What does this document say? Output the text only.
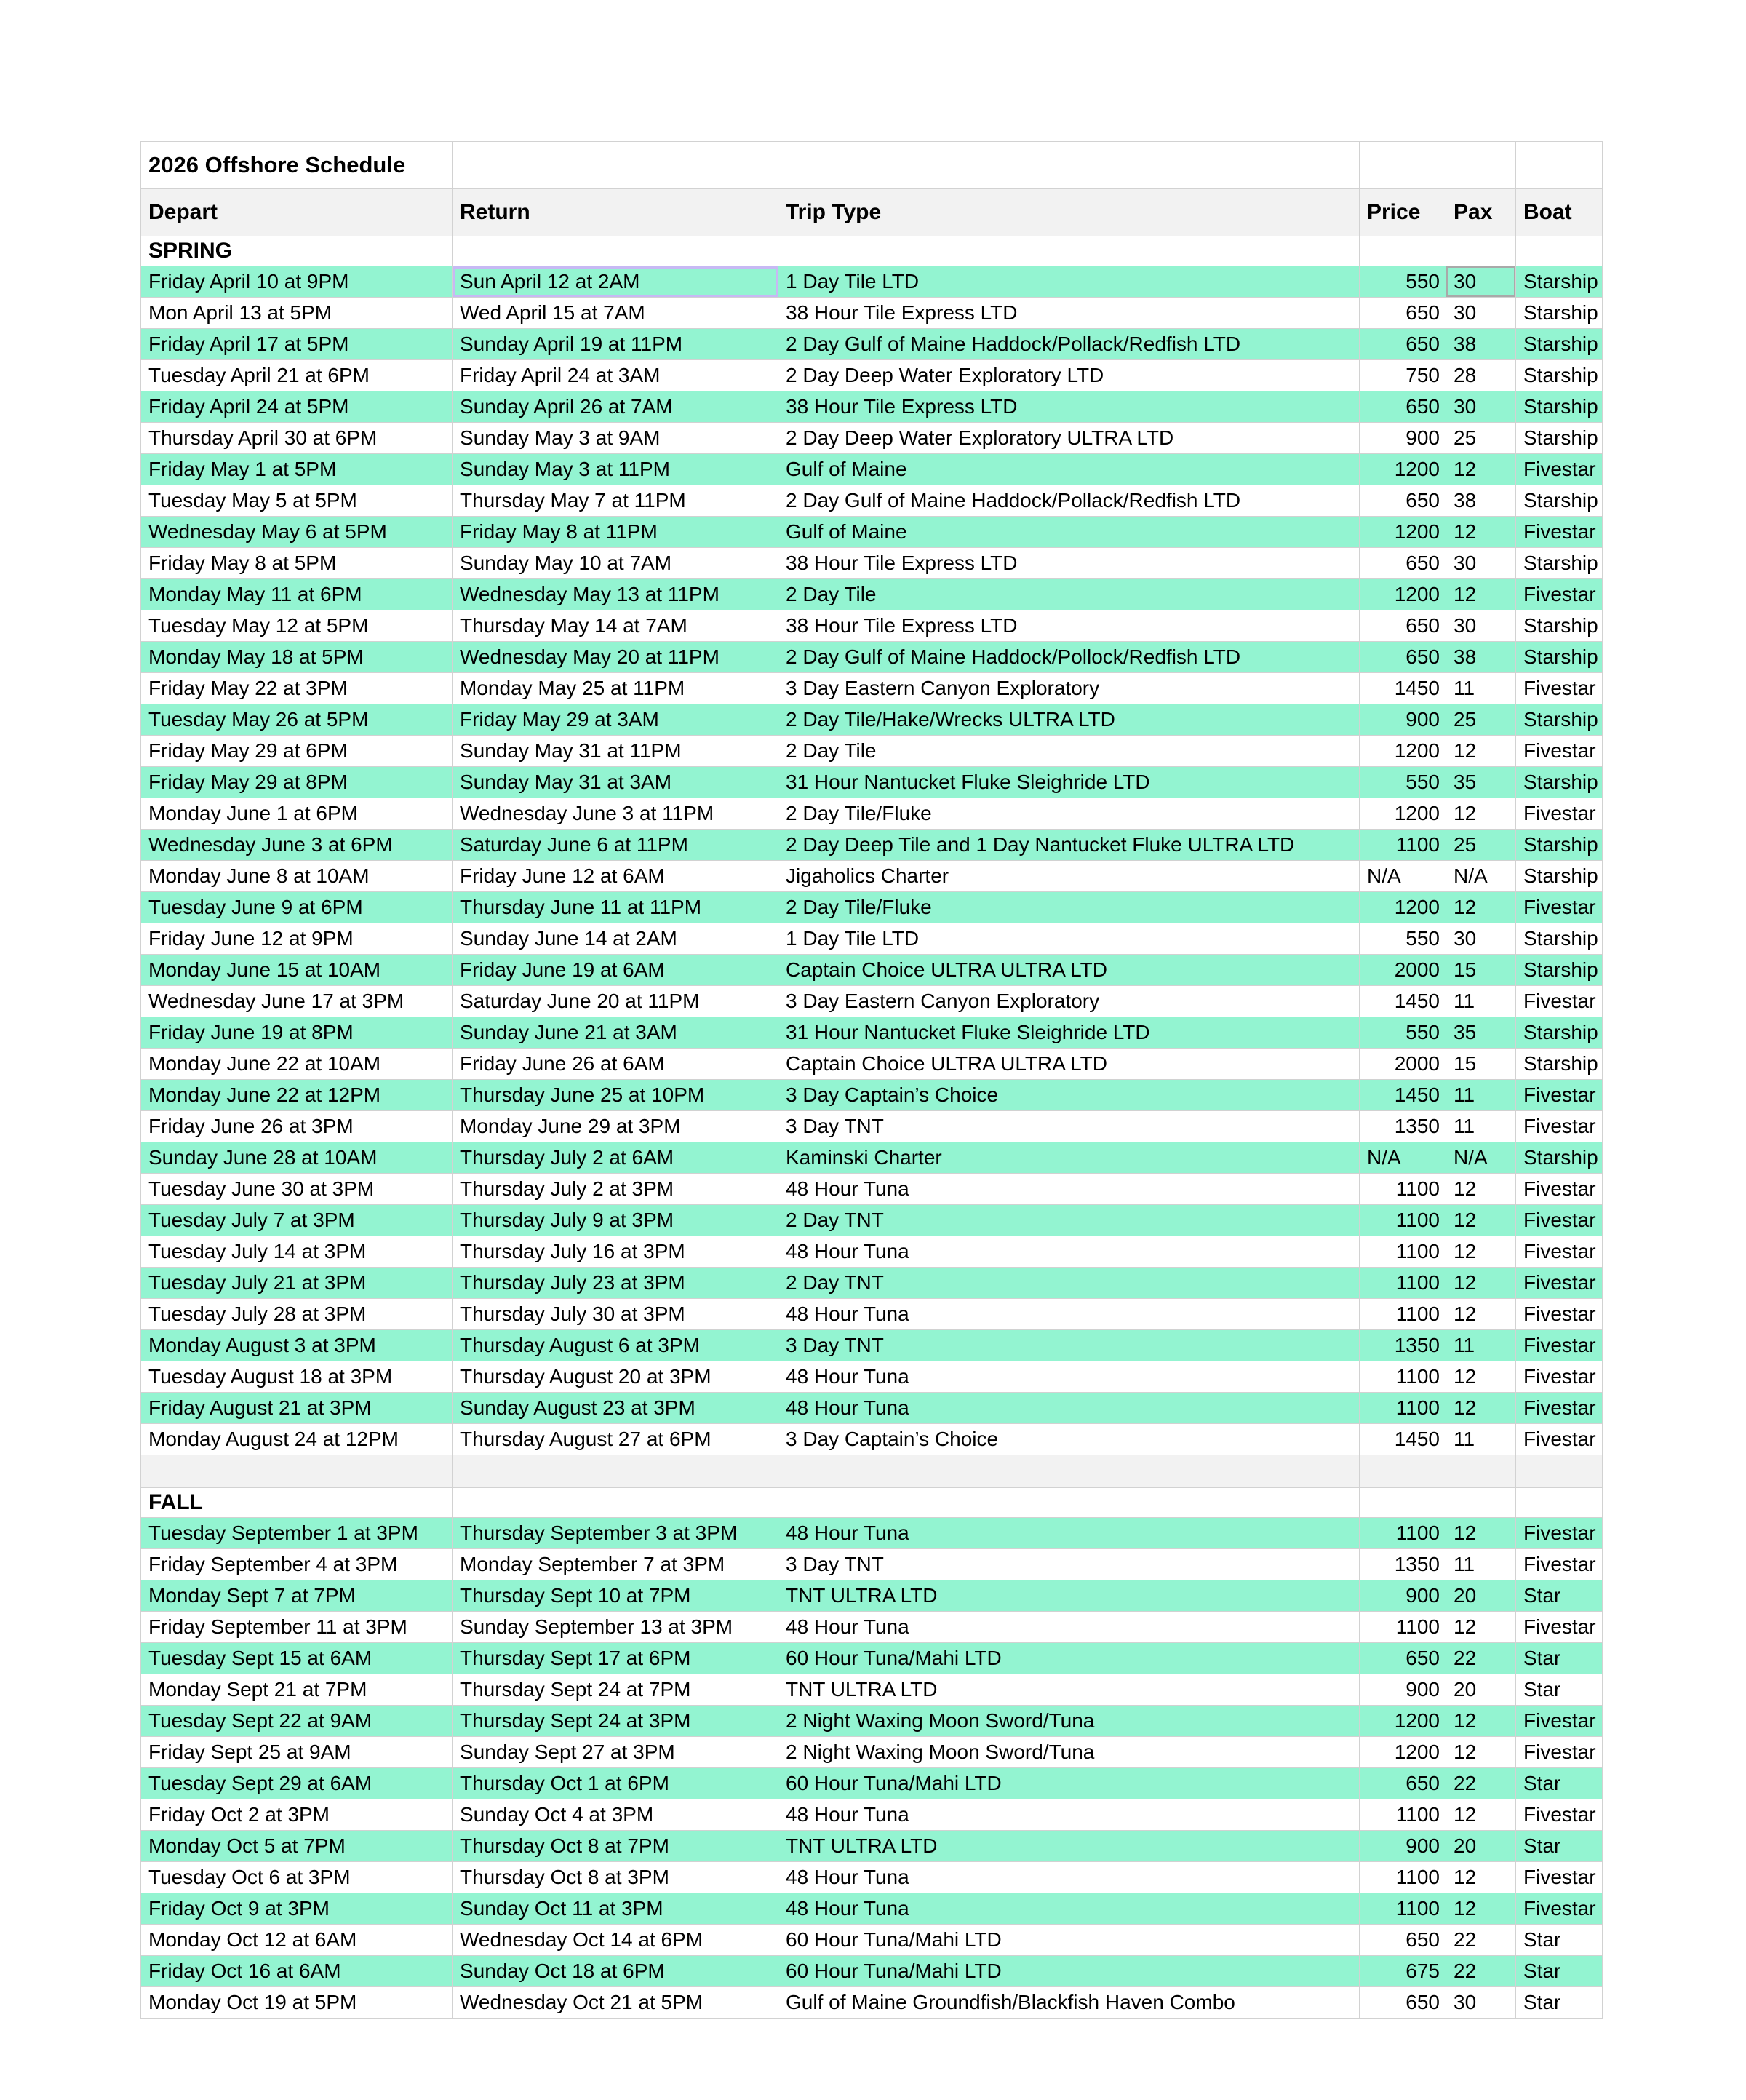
2026 Offshore Schedule					
Depart	Return	Trip Type	Price	Pax	Boat
SPRING					
Friday April 10 at 9PM	Sun April 12 at 2AM	1 Day Tile LTD	550	30	Starship
Mon April 13 at 5PM	Wed April 15 at 7AM	38 Hour Tile Express LTD	650	30	Starship
Friday April 17 at 5PM	Sunday April 19 at 11PM	2 Day Gulf of Maine Haddock/Pollack/Redfish LTD	650	38	Starship
Tuesday April 21 at 6PM	Friday April 24 at 3AM	2 Day Deep Water Exploratory LTD	750	28	Starship
Friday April 24 at 5PM	Sunday April 26 at 7AM	38 Hour Tile Express LTD	650	30	Starship
Thursday April 30 at 6PM	Sunday May 3 at 9AM	2 Day Deep Water Exploratory ULTRA LTD	900	25	Starship
Friday May 1 at 5PM	Sunday May 3 at 11PM	Gulf of Maine	1200	12	Fivestar
Tuesday May 5 at 5PM	Thursday May 7 at 11PM	2 Day Gulf of Maine Haddock/Pollack/Redfish LTD	650	38	Starship
Wednesday May 6 at 5PM	Friday May 8 at 11PM	Gulf of Maine	1200	12	Fivestar
Friday May 8 at 5PM	Sunday May 10 at 7AM	38 Hour Tile Express LTD	650	30	Starship
Monday May 11 at 6PM	Wednesday May 13 at 11PM	2 Day Tile	1200	12	Fivestar
Tuesday May 12 at 5PM	Thursday May 14 at 7AM	38 Hour Tile Express LTD	650	30	Starship
Monday May 18 at 5PM	Wednesday May 20 at 11PM	2 Day Gulf of Maine Haddock/Pollock/Redfish LTD	650	38	Starship
Friday May 22 at 3PM	Monday May 25 at 11PM	3 Day Eastern Canyon Exploratory	1450	11	Fivestar
Tuesday May 26 at 5PM	Friday May 29 at 3AM	2 Day Tile/Hake/Wrecks ULTRA LTD	900	25	Starship
Friday May 29 at 6PM	Sunday May 31 at 11PM	2 Day Tile	1200	12	Fivestar
Friday May 29 at 8PM	Sunday May 31 at 3AM	31 Hour Nantucket Fluke Sleighride LTD	550	35	Starship
Monday June 1 at 6PM	Wednesday June 3 at 11PM	2 Day Tile/Fluke	1200	12	Fivestar
Wednesday June 3 at 6PM	Saturday June 6 at 11PM	2 Day Deep Tile and 1 Day Nantucket Fluke ULTRA LTD	1100	25	Starship
Monday June 8 at 10AM	Friday June 12 at 6AM	Jigaholics Charter	N/A	N/A	Starship
Tuesday June 9 at 6PM	Thursday June 11 at 11PM	2 Day Tile/Fluke	1200	12	Fivestar
Friday June 12 at 9PM	Sunday June 14 at 2AM	1 Day Tile LTD	550	30	Starship
Monday June 15 at 10AM	Friday June 19 at 6AM	Captain Choice ULTRA ULTRA LTD	2000	15	Starship
Wednesday June 17 at 3PM	Saturday June 20 at 11PM	3 Day Eastern Canyon Exploratory	1450	11	Fivestar
Friday June 19 at 8PM	Sunday June 21 at 3AM	31 Hour Nantucket Fluke Sleighride LTD	550	35	Starship
Monday June 22 at 10AM	Friday June 26 at 6AM	Captain Choice ULTRA ULTRA LTD	2000	15	Starship
Monday June 22 at 12PM	Thursday June 25 at 10PM	3 Day Captain’s Choice	1450	11	Fivestar
Friday June 26 at 3PM	Monday June 29 at 3PM	3 Day TNT	1350	11	Fivestar
Sunday June 28 at 10AM	Thursday July 2 at 6AM	Kaminski Charter	N/A	N/A	Starship
Tuesday June 30 at 3PM	Thursday July 2 at 3PM	48 Hour Tuna	1100	12	Fivestar
Tuesday July 7 at 3PM	Thursday July 9 at 3PM	2 Day TNT	1100	12	Fivestar
Tuesday July 14 at 3PM	Thursday July 16 at 3PM	48 Hour Tuna	1100	12	Fivestar
Tuesday July 21 at 3PM	Thursday July 23 at 3PM	2 Day TNT	1100	12	Fivestar
Tuesday July 28 at 3PM	Thursday July 30 at 3PM	48 Hour Tuna	1100	12	Fivestar
Monday August 3 at 3PM	Thursday August 6 at 3PM	3 Day TNT	1350	11	Fivestar
Tuesday August 18 at 3PM	Thursday August 20 at 3PM	48 Hour Tuna	1100	12	Fivestar
Friday August 21 at 3PM	Sunday August 23 at 3PM	48 Hour Tuna	1100	12	Fivestar
Monday August 24 at 12PM	Thursday August 27 at 6PM	3 Day Captain’s Choice	1450	11	Fivestar

FALL					
Tuesday September 1 at 3PM	Thursday September 3 at 3PM	48 Hour Tuna	1100	12	Fivestar
Friday September 4 at 3PM	Monday September 7 at 3PM	3 Day TNT	1350	11	Fivestar
Monday Sept 7 at 7PM	Thursday Sept 10 at 7PM	TNT ULTRA LTD	900	20	Star
Friday September 11 at 3PM	Sunday September 13 at 3PM	48 Hour Tuna	1100	12	Fivestar
Tuesday Sept 15 at 6AM	Thursday Sept 17 at 6PM	60 Hour Tuna/Mahi LTD	650	22	Star
Monday Sept 21 at 7PM	Thursday Sept 24 at 7PM	TNT ULTRA LTD	900	20	Star
Tuesday Sept 22 at 9AM	Thursday Sept 24 at 3PM	2 Night Waxing Moon Sword/Tuna	1200	12	Fivestar
Friday Sept 25 at 9AM	Sunday Sept 27 at 3PM	2 Night Waxing Moon Sword/Tuna	1200	12	Fivestar
Tuesday Sept 29 at 6AM	Thursday Oct 1 at 6PM	60 Hour Tuna/Mahi LTD	650	22	Star
Friday Oct 2 at 3PM	Sunday Oct 4 at 3PM	48 Hour Tuna	1100	12	Fivestar
Monday Oct 5 at 7PM	Thursday Oct 8 at 7PM	TNT ULTRA LTD	900	20	Star
Tuesday Oct 6 at 3PM	Thursday Oct 8 at 3PM	48 Hour Tuna	1100	12	Fivestar
Friday Oct 9 at 3PM	Sunday Oct 11 at 3PM	48 Hour Tuna	1100	12	Fivestar
Monday Oct 12 at 6AM	Wednesday Oct 14 at 6PM	60 Hour Tuna/Mahi LTD	650	22	Star
Friday Oct 16 at 6AM	Sunday Oct 18 at 6PM	60 Hour Tuna/Mahi LTD	675	22	Star
Monday Oct 19 at 5PM	Wednesday Oct 21 at 5PM	Gulf of Maine Groundfish/Blackfish Haven Combo	650	30	Star
